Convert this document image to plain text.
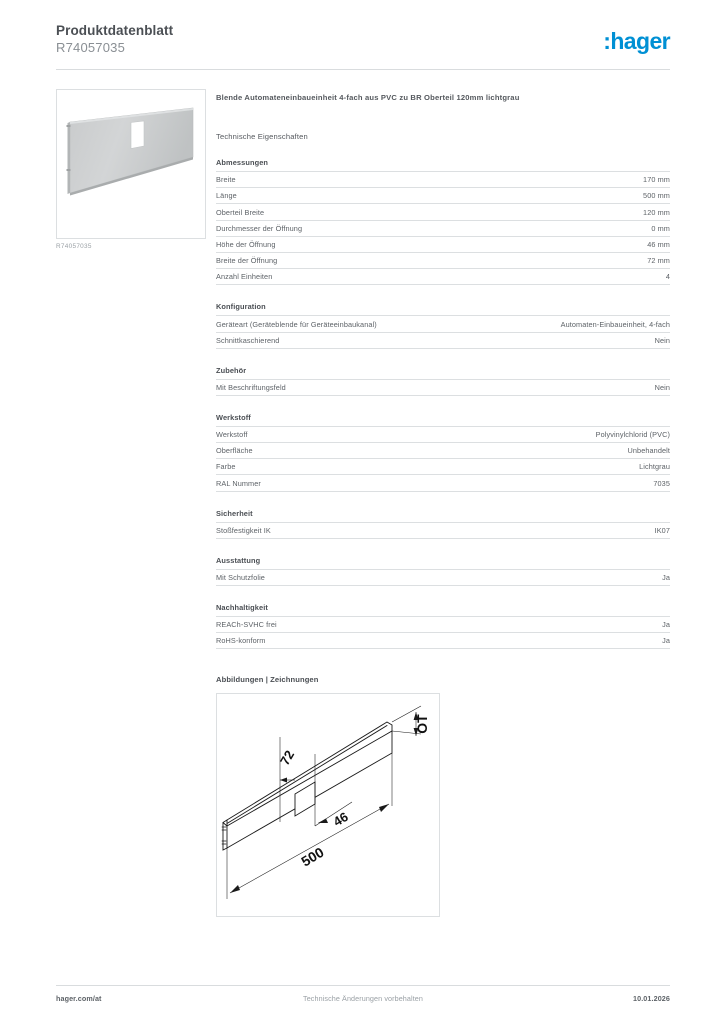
Produktdatenblatt
R74057035	:hager
R74057035
Blende Automateneinbaueinheit 4-fach aus PVC zu BR Oberteil 120mm lichtgrau
Technische Eigenschaften
Abmessungen
Breite	170 mm
Länge	500 mm
Oberteil Breite	120 mm
Durchmesser der Öffnung	0 mm
Höhe der Öffnung	46 mm
Breite der Öffnung	72 mm
Anzahl Einheiten	4
Konfiguration
Geräteart (Geräteblende für Geräteeinbaukanal)	Automaten-Einbaueinheit, 4-fach
Schnittkaschierend	Nein
Zubehör
Mit Beschriftungsfeld	Nein
Werkstoff
Werkstoff	Polyvinylchlorid (PVC)
Oberfläche	Unbehandelt
Farbe	Lichtgrau
RAL Nummer	7035
Sicherheit
Stoßfestigkeit IK	IK07
Ausstattung
Mit Schutzfolie	Ja
Nachhaltigkeit
REACh-SVHC frei	Ja
RoHS-konform	Ja
Abbildungen | Zeichnungen
72
46
500
OT
hager.com/at	Technische Änderungen vorbehalten	10.01.2026
